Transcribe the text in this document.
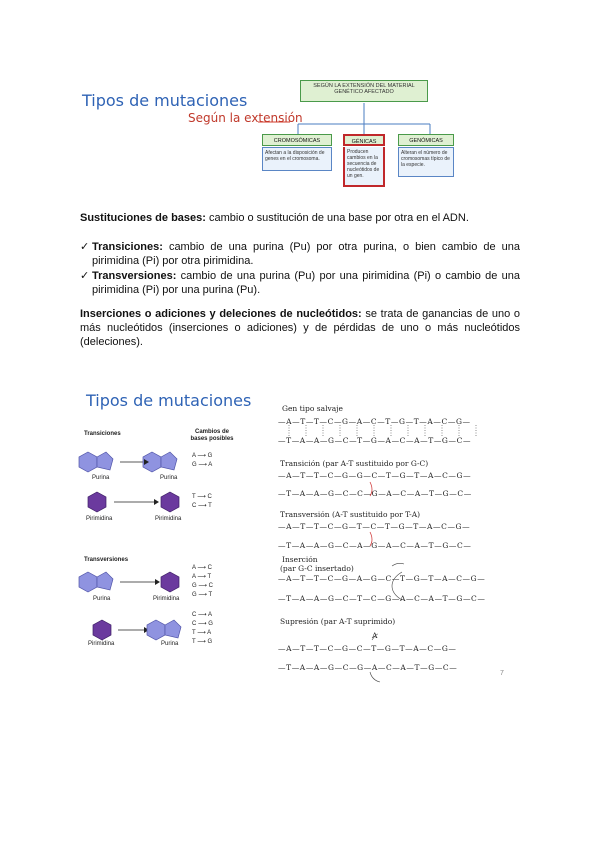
Tipos de mutaciones
Según la extensión
SEGÚN LA EXTENSIÓN DEL MATERIAL GENÉTICO AFECTADO
CROMOSÓMICAS	GÉNICAS	GENÓMICAS
Afectan a la disposición de genes en el cromosoma.
Producen cambios en la secuencia de nucleótidos de un gen.
Alteran el número de cromosomas típico de la especie.
Sustituciones de bases: cambio o sustitución de una base por otra en el ADN.
✓ Transiciones: cambio de una purina (Pu) por otra purina, o bien cambio de una pirimidina (Pi) por otra pirimidina.
✓ Transversiones: cambio de una purina (Pu) por una pirimidina (Pi) o cambio de una pirimidina (Pi) por una purina (Pu).
Inserciones o adiciones y deleciones de nucleótidos: se trata de ganancias de uno o más nucleótidos (inserciones o adiciones) y de pérdidas de uno o más nucleótidos (deleciones).
Tipos de mutaciones
Transiciones	Cambios de bases posibles
Purina	Purina
Pirimidina	Pirimidina
A ⟶ G
G ⟶ A
T ⟶ C
C ⟶ T
Transversiones
Purina	Pirimidina
Pirimidina	Purina
A ⟶ C
A ⟶ T
G ⟶ C
G ⟶ T
C ⟶ A
C ⟶ G
T ⟶ A
T ⟶ G
Gen tipo salvaje
—A—T—T—C—G—A—C—T—G—T—A—C—G—
—T—A—A—G—C—T—G—A—C—A—T—G—C—
Transición (par A-T sustituido por G-C)
—A—T—T—C—G—G—C—T—G—T—A—C—G—
—T—A—A—G—C—C—G—A—C—A—T—G—C—
Transversión (A-T sustituido por T-A)
—A—T—T—C—G—T—C—T—G—T—A—C—G—
—T—A—A—G—C—A—G—A—C—A—T—G—C—
Inserción
(par G-C insertado)
—A—T—T—C—G—A—G—C—T—G—T—A—C—G—
—T—A—A—G—C—T—C—G—A—C—A—T—G—C—
Supresión (par A-T suprimido)
A
—A—T—T—C—G—C—T—G—T—A—C—G—
—T—A—A—G—C—G—A—C—A—T—G—C—
7
